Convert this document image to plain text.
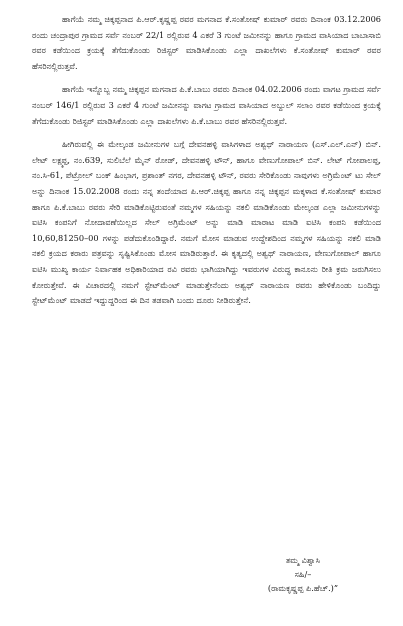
ಹಾಗೆಯೆ ನಮ್ಮ ಚಿಕ್ಕಪ್ಪನಾದ ಪಿ.ಆರ್.ಕೃಷ್ಣಪ್ಪ ರವರ ಮಗನಾದ ಕೆ.ಸಂತೋಷ್ ಕುಮಾರ್ ರವರು ದಿನಾಂಕ 03.12.2006 ರಂದು ಚಂದ್ರಾಪುರ ಗ್ರಾಮದ ಸರ್ವೆ ನಂಬರ್ 22/1 ರಲ್ಲಿರುವ 4 ಎಕರೆ 3 ಗುಂಟೆ ಜಮೀನನ್ನು ಹಾಗೂ ಗ್ರಾಮದ ವಾಸಿಯಾದ ಬಾಬಾಸಾಬಿ ರವರ ಕಡೆಯಿಂದ ಕ್ರಯಕ್ಕೆ ತೆಗೆದುಕೊಂಡು ರಿಜಿಸ್ಟರ್ ಮಾಡಿಸಿಕೊಂಡು ಎಲ್ಲಾ ದಾಖಲೆಗಳು ಕೆ.ಸಂತೋಷ್ ಕುಮಾರ್ ರವರ ಹೆಸರಿನಲ್ಲಿರುತ್ತವೆ.

ಹಾಗೆಯೆ ಇನ್ನೊಬ್ಬ ನಮ್ಮ ಚಿಕ್ಕಪ್ಪನ ಮಗನಾದ ಪಿ.ಕೆ.ಬಾಬು ರವರು ದಿನಾಂಕ 04.02.2006 ರಂದು ವಾಗಟ ಗ್ರಾಮದ ಸರ್ವೆ ನಂಬರ್ 146/1 ರಲ್ಲಿರುವ 3 ಎಕರೆ 4 ಗುಂಟೆ ಜಮೀನನ್ನು ವಾಗಟ ಗ್ರಾಮದ ವಾಸಿಯಾದ ಅಬ್ದುಲ್ ಸಲಾಂ ರವರ ಕಡೆಯಿಂದ ಕ್ರಯಕ್ಕೆ ತೆಗೆದುಕೊಂಡು ರಿಜಿಸ್ಟರ್ ಮಾಡಿಸಿಕೊಂಡು ಎಲ್ಲಾ ದಾಖಲೆಗಳು ಪಿ.ಕೆ.ಬಾಬು ರವರ ಹೆಸರಿನಲ್ಲಿರುತ್ತವೆ.

ಹೀಗಿರುವಲ್ಲಿ ಈ ಮೇಲ್ಕಂಡ ಜಮೀನುಗಳ ಬಗ್ಗೆ ದೇವನಹಳ್ಳಿ ವಾಸಿಗಳಾದ ಅಶ್ವಥ್ ನಾರಾಯಣ (ಎಸ್.ಎಲ್.ಎನ್) ಬಿನ್. ಲೇಟ್ ಲಕ್ಷ್ಮಪ್ಪ, ನಂ.639, ಸುಲಿಬೆಲೆ ಮೈನ್ ರೋಡ್, ದೇವನಹಳ್ಳಿ ಟೌನ್, ಹಾಗೂ ವೇಣುಗೋಪಾಲ್ ಬಿನ್. ಲೇಟ್ ಗೋಪಾಲಪ್ಪ, ನಂ.ಸಿ-61, ಪೆಟ್ರೋಲ್ ಬಂಕ್ ಹಿಂಭಾಗ, ಪ್ರಶಾಂತ್ ನಗರ, ದೇವನಹಳ್ಳಿ ಟೌನ್, ರವರು ಸೇರಿಕೊಂಡು ನಾವುಗಳು ಅಗ್ರಿಮೆಂಟ್ ಟು ಸೇಲ್ ಅನ್ನು ದಿನಾಂಕ 15.02.2008 ರಂದು ನನ್ನ ತಂದೆಯಾದ ಪಿ.ಆರ್.ಚಿಕ್ಕಪ್ಪ ಹಾಗೂ ನನ್ನ ಚಿಕ್ಕಪ್ಪನ ಮಕ್ಕಳಾದ ಕೆ.ಸಂತೋಷ್ ಕುಮಾರ ಹಾಗೂ ಪಿ.ಕೆ.ಬಾಬು ರವರು ಸೇರಿ ಮಾಡಿಕೊಟ್ಟಿರುವಂತೆ ನಮ್ಮಗಳ ಸಹಿಯನ್ನು ನಕಲಿ ಮಾಡಿಕೊಂಡು ಮೇಲ್ಕಂಡ ಎಲ್ಲಾ ಜಮೀನುಗಳನ್ನು ಐಟಿಸಿ ಕಂಪನಿಗೆ ನೋದಾವಣೆಯಿಲ್ಲದ ಸೇಲ್ ಅಗ್ರಿಮೆಂಟ್ ಅನ್ನು ಮಾಡಿ ಮಾರಾಟ ಮಾಡಿ ಐಟಿಸಿ ಕಂಪನಿ ಕಡೆಯಿಂದ 10,60,81250–00 ಗಳನ್ನು ಪಡೆದುಕೊಂಡಿದ್ದಾರೆ. ನಮಗೆ ಮೋಸ ಮಾಡುವ ಉದ್ದೇಶದಿಂದ ನಮ್ಮಗಳ ಸಹಿಯನ್ನು ನಕಲಿ ಮಾಡಿ ನಕಲಿ ಕ್ರಯದ ಕರಾರು ಪತ್ರವನ್ನು ಸೃಷ್ಟಿಸಿಕೊಂಡು ಮೋಸ ಮಾಡಿರುತ್ತಾರೆ. ಈ ಕೃತ್ಯದಲ್ಲಿ ಅಶ್ವಥ್ ನಾರಾಯಣ, ವೇಣುಗೋಪಾಲ್ ಹಾಗೂ ಐಟಿಸಿ ಮುಖ್ಯ ಕಾರ್ಯ ನಿರ್ವಾಹಕ ಅಧಿಕಾರಿಯಾದ ರವಿ ರವರು ಭಾಗಿಯಾಗಿದ್ದು ಇವರುಗಳ ವಿರುದ್ಧ ಕಾನೂನು ರೀತಿ ಕ್ರಮ ಜರುಗಿಸಲು ಕೋರುತ್ತೇವೆ. ಈ ವಿಚಾರದಲ್ಲಿ ನಮಗೆ ಸ್ಟೇಟ್‌ಮೆಂಟ್ ಮಾಡುತ್ತೇನೆಂದು ಅಶ್ವಥ್ ನಾರಾಯಣ ರವರು ಹೇಳಿಕೊಂಡು ಬಂದಿದ್ದು ಸ್ಟೇಟ್‌ಮೆಂಟ್ ಮಾಡದೆ ಇದ್ದುದ್ದರಿಂದ ಈ ದಿನ ತಡವಾಗಿ ಬಂದು ದೂರು ನೀಡಿರುತ್ತೇನೆ.

ತಮ್ಮ ವಿಶ್ವಾಸಿ
ಸಹಿ/–
(ರಾಮಕೃಷ್ಣಪ್ಪ ಪಿ.ಹೆಚ್.)”
